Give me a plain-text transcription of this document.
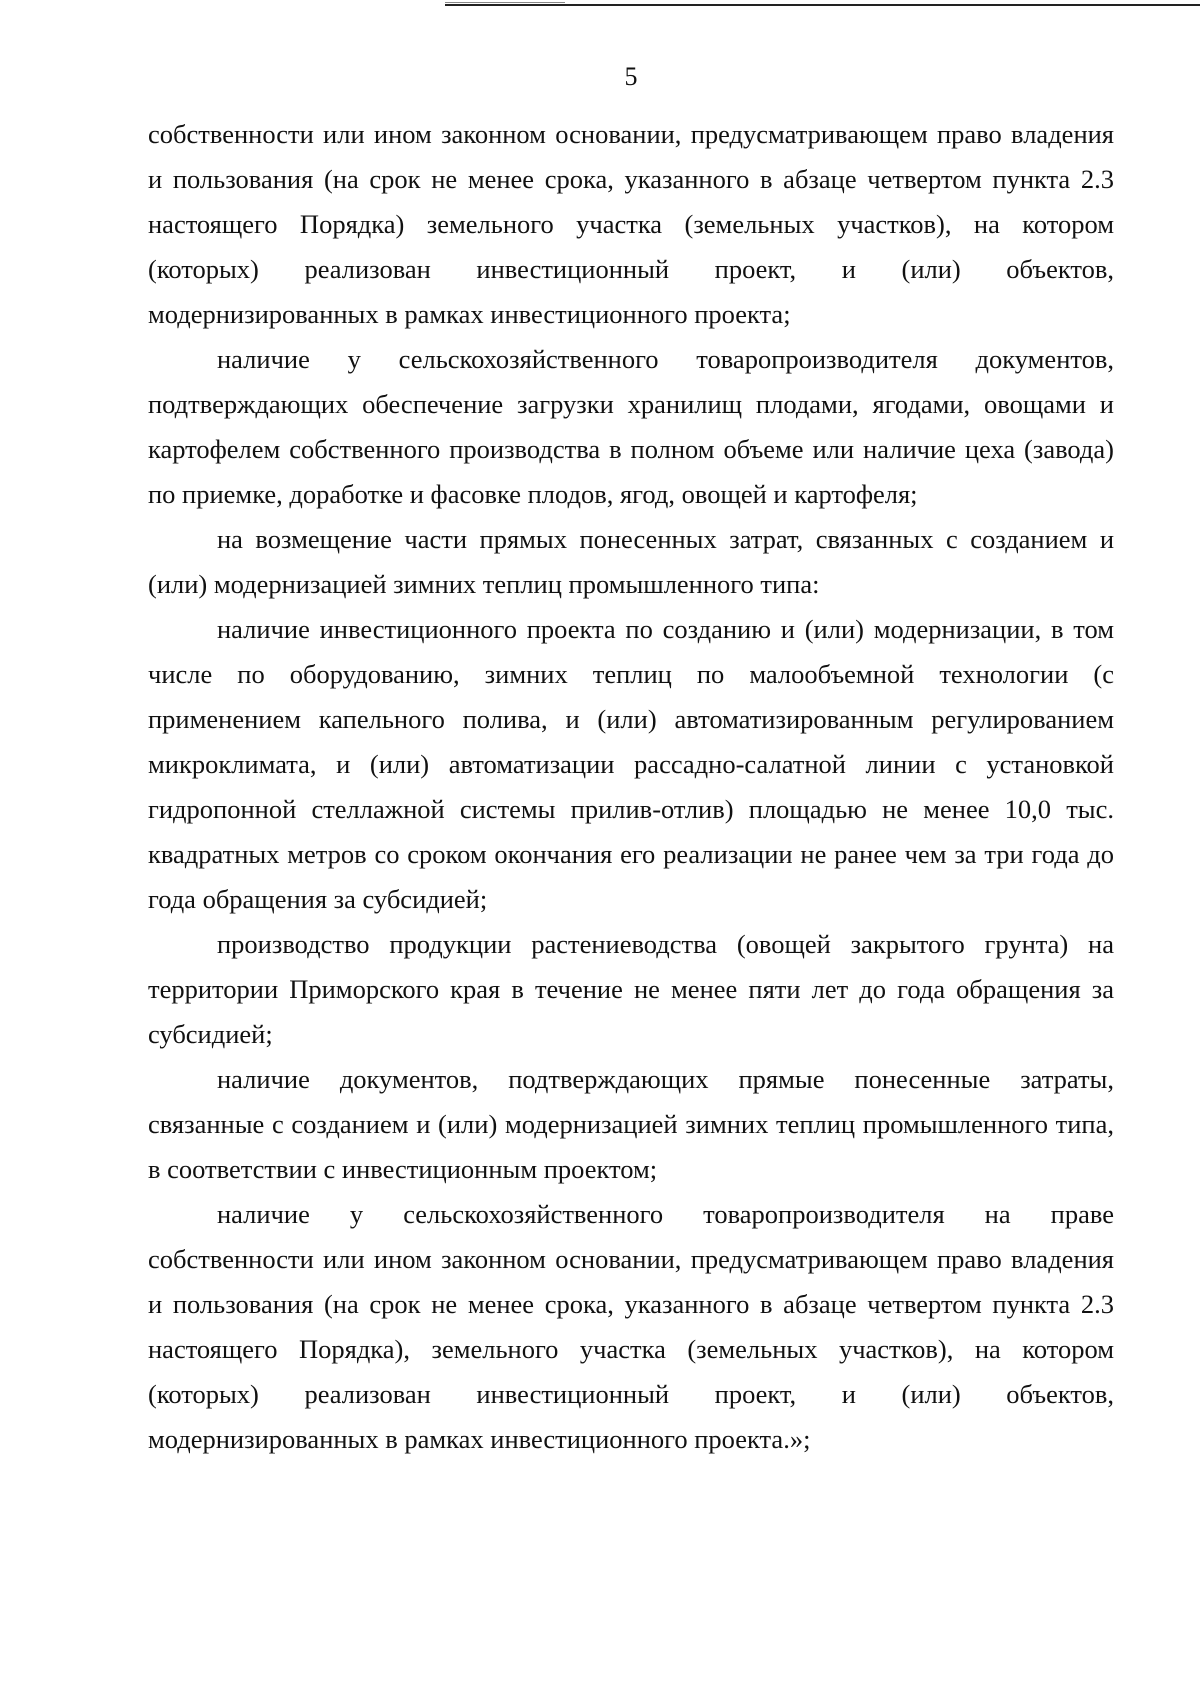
5

собственности или ином законном основании, предусматривающем право владения и пользования (на срок не менее срока, указанного в абзаце четвертом пункта 2.3 настоящего Порядка) земельного участка (земельных участков), на котором (которых) реализован инвестиционный проект, и (или) объектов, модернизированных в рамках инвестиционного проекта;

наличие у сельскохозяйственного товаропроизводителя документов, подтверждающих обеспечение загрузки хранилищ плодами, ягодами, овощами и картофелем собственного производства в полном объеме или наличие цеха (завода) по приемке, доработке и фасовке плодов, ягод, овощей и картофеля;

на возмещение части прямых понесенных затрат, связанных с созданием и (или) модернизацией зимних теплиц промышленного типа:

наличие инвестиционного проекта по созданию и (или) модернизации, в том числе по оборудованию, зимних теплиц по малообъемной технологии (с применением капельного полива, и (или) автоматизированным регулированием микроклимата, и (или) автоматизации рассадно-салатной линии с установкой гидропонной стеллажной системы прилив-отлив) площадью не менее 10,0 тыс. квадратных метров со сроком окончания его реализации не ранее чем за три года до года обращения за субсидией;

производство продукции растениеводства (овощей закрытого грунта) на территории Приморского края в течение не менее пяти лет до года обращения за субсидией;

наличие документов, подтверждающих прямые понесенные затраты, связанные с созданием и (или) модернизацией зимних теплиц промышленного типа, в соответствии с инвестиционным проектом;

наличие у сельскохозяйственного товаропроизводителя на праве собственности или ином законном основании, предусматривающем право владения и пользования (на срок не менее срока, указанного в абзаце четвертом пункта 2.3 настоящего Порядка), земельного участка (земельных участков), на котором (которых) реализован инвестиционный проект, и (или) объектов, модернизированных в рамках инвестиционного проекта.»;
